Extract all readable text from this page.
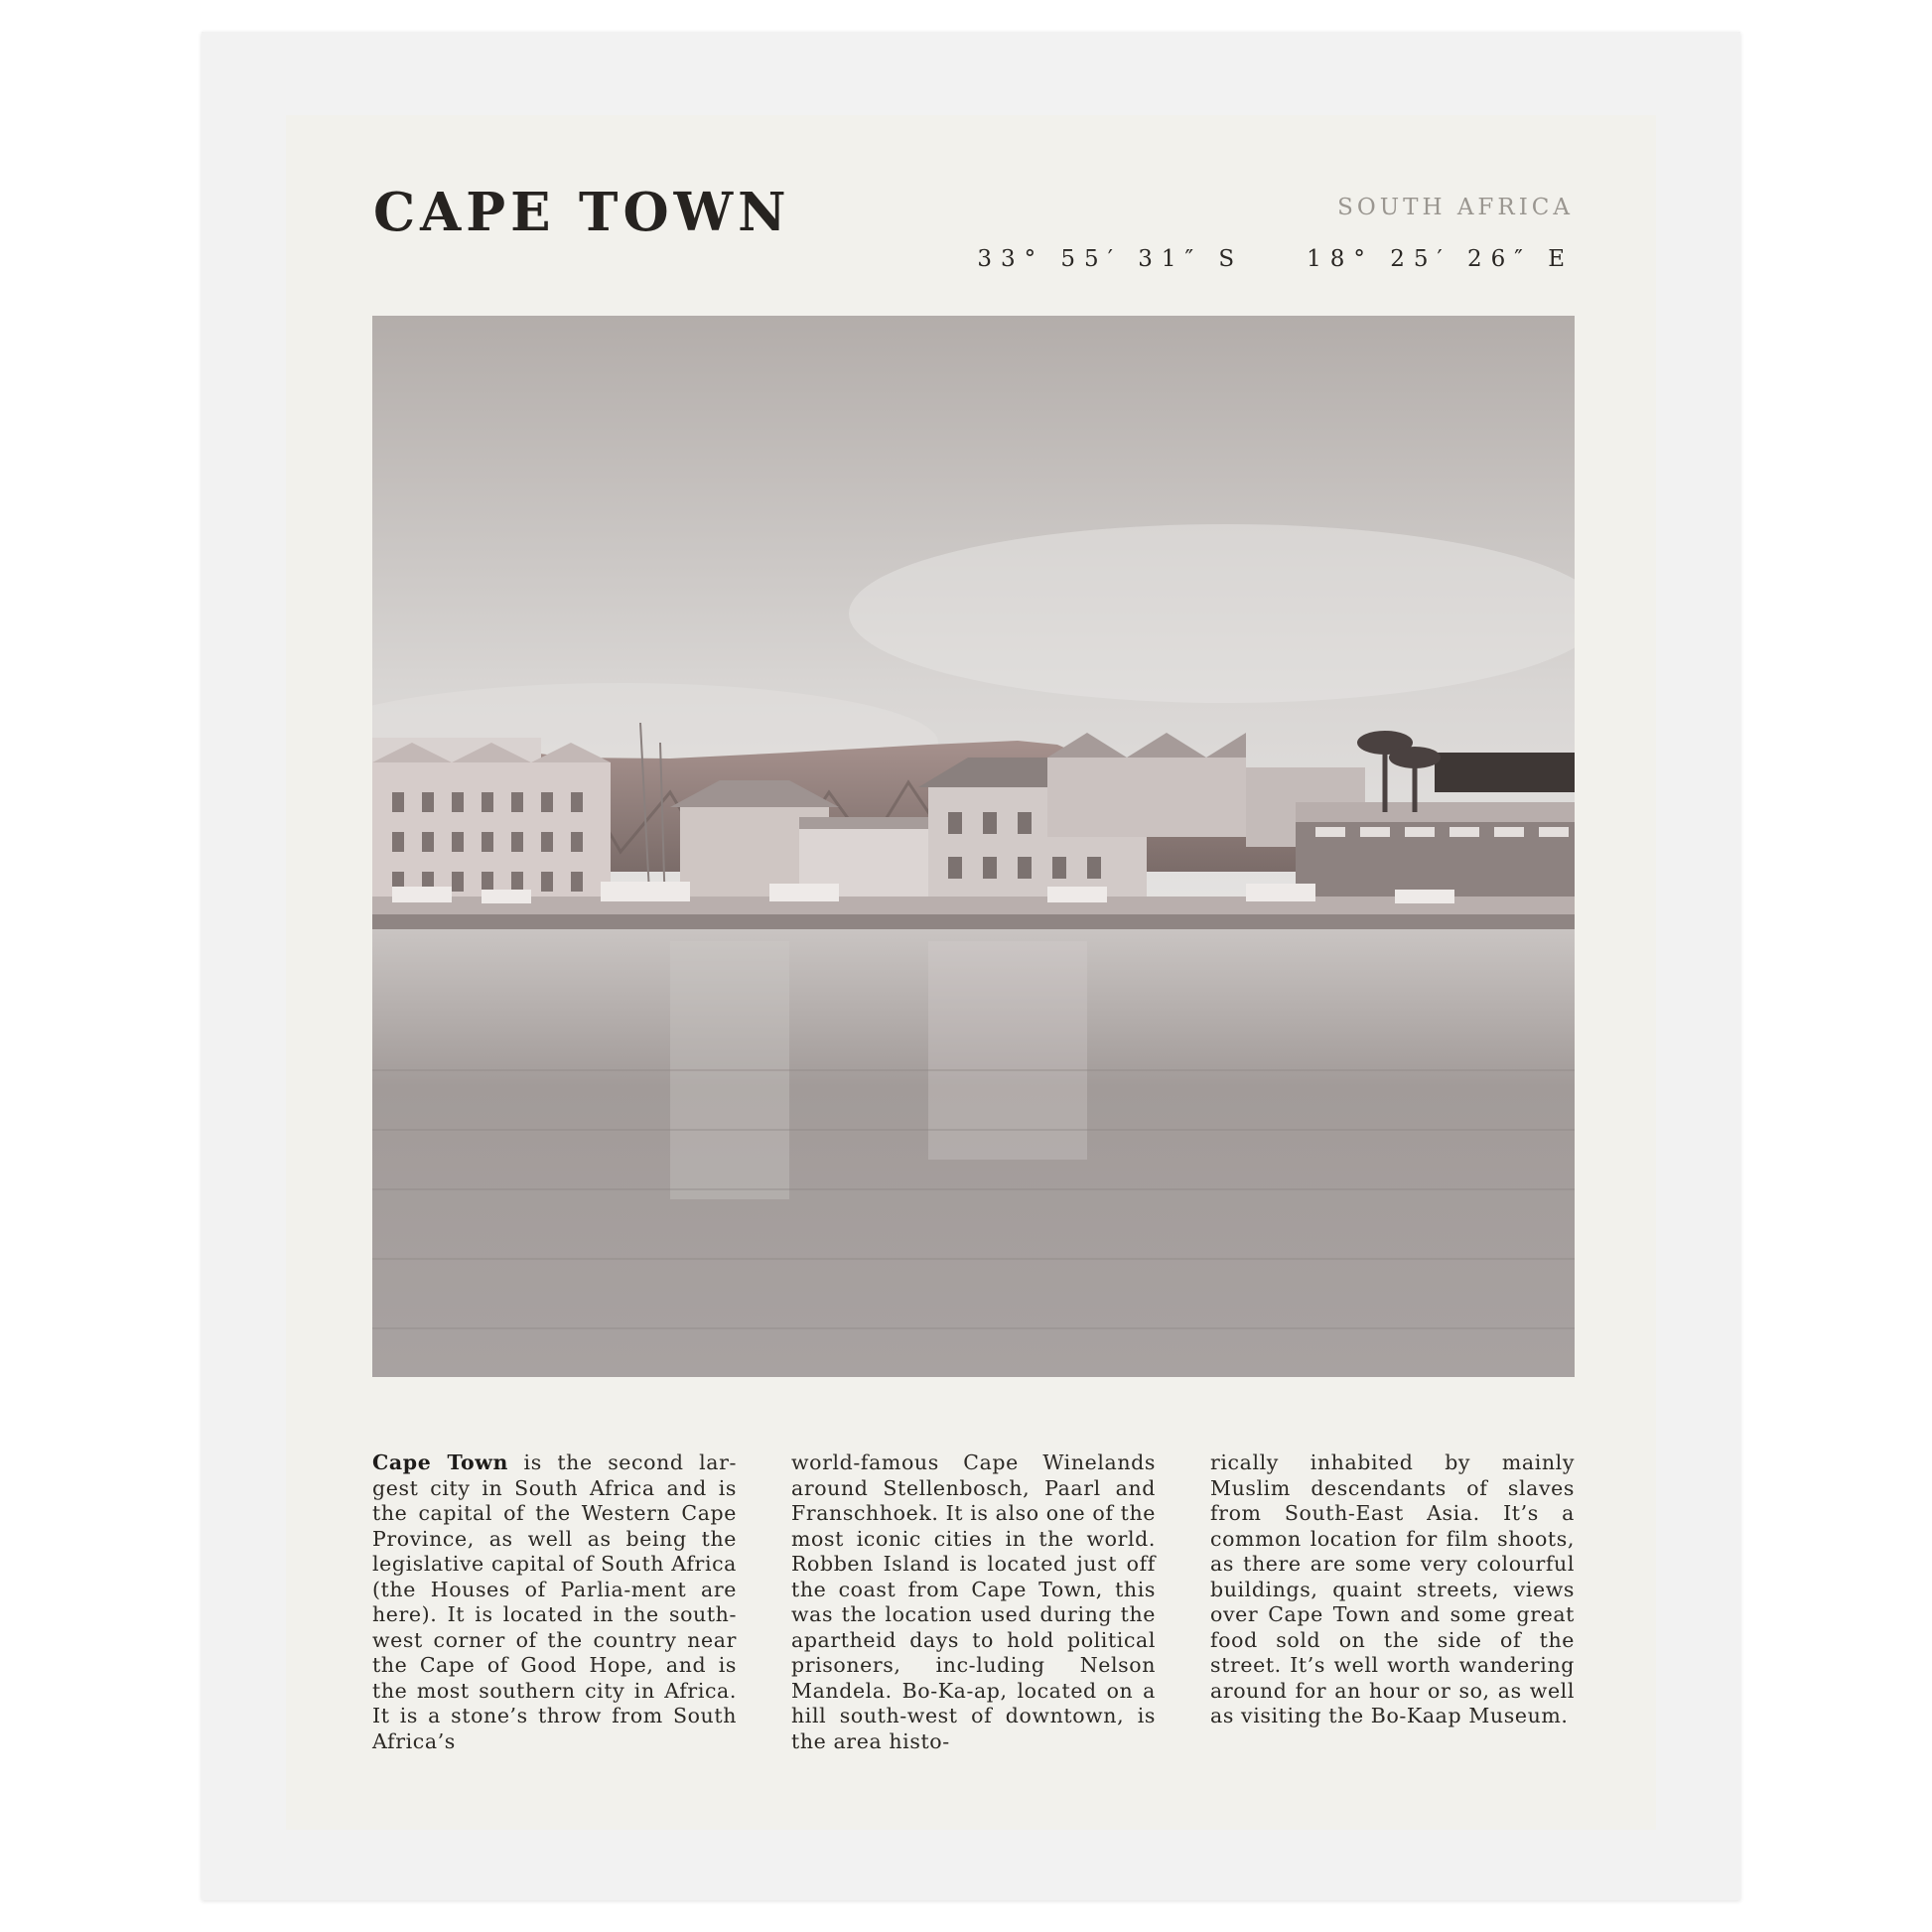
CAPE TOWN	SOUTH AFRICA
33° 55′ 31″ S	18° 25′ 26″ E

Cape Town is the second lar-gest city in South Africa and is the capital of the Western Cape Province, as well as being the legislative capital of South Africa (the Houses of Parlia-ment are here). It is located in the south-west corner of the country near the Cape of Good Hope, and is the most southern city in Africa. It is a stone’s throw from South Africa’s

world-famous Cape Winelands around Stellenbosch, Paarl and Franschhoek. It is also one of the most iconic cities in the world. Robben Island is located just off the coast from Cape Town, this was the location used during the apartheid days to hold political prisoners, inc-luding Nelson Mandela. Bo-Ka-ap, located on a hill south-west of downtown, is the area histo-

rically inhabited by mainly Muslim descendants of slaves from South-East Asia. It’s a common location for film shoots, as there are some very colourful buildings, quaint streets, views over Cape Town and some great food sold on the side of the street. It’s well worth wandering around for an hour or so, as well as visiting the Bo-Kaap Museum.
